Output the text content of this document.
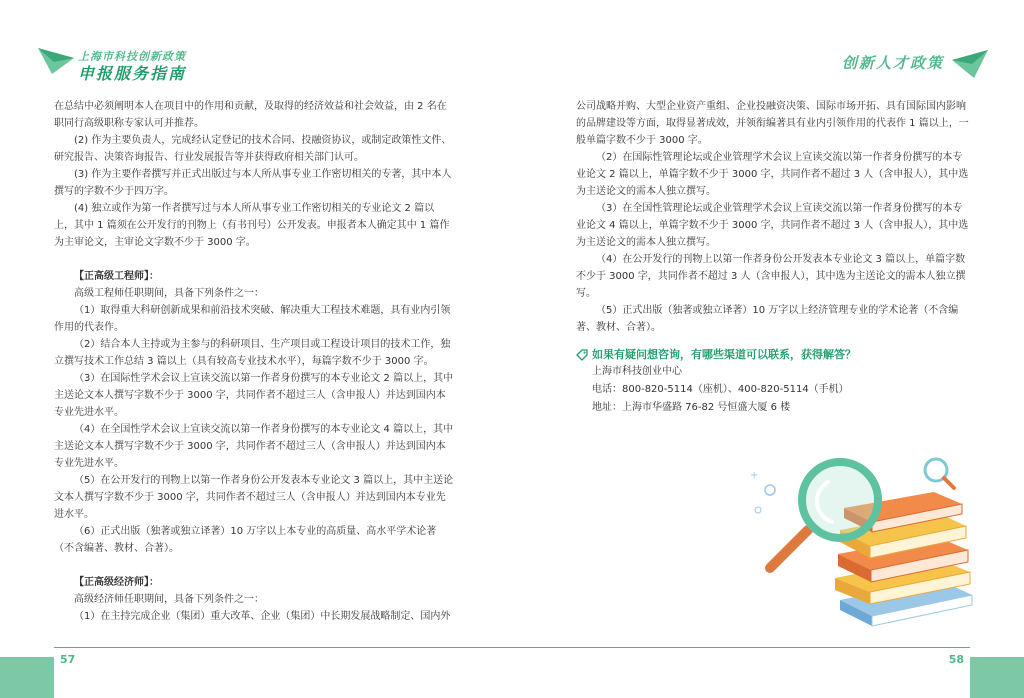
上海市科技创新政策
申报服务指南
创新人才政策

在总结中必须阐明本人在项目中的作用和贡献，及取得的经济效益和社会效益，由 2 名在职同行高级职称专家认可并推荐。

(2) 作为主要负责人，完成经认定登记的技术合同、投融资协议，或制定政策性文件、研究报告、决策咨询报告、行业发展报告等并获得政府相关部门认可。

(3) 作为主要作者撰写并正式出版过与本人所从事专业工作密切相关的专著，其中本人撰写的字数不少于四万字。

(4) 独立或作为第一作者撰写过与本人所从事专业工作密切相关的专业论文 2 篇以上，其中 1 篇须在公开发行的刊物上（有书刊号）公开发表。申报者本人确定其中 1 篇作为主审论文，主审论文字数不少于 3000 字。

【正高级工程师】：

高级工程师任职期间，具备下列条件之一：

（1）取得重大科研创新成果和前沿技术突破、解决重大工程技术难题，具有业内引领作用的代表作。

（2）结合本人主持或为主参与的科研项目、生产项目或工程设计项目的技术工作，独立撰写技术工作总结 3 篇以上（具有较高专业技术水平），每篇字数不少于 3000 字。

（3）在国际性学术会议上宣读交流以第一作者身份撰写的本专业论文 2 篇以上，其中主送论文本人撰写字数不少于 3000 字，共同作者不超过三人（含申报人）并达到国内本专业先进水平。

（4）在全国性学术会议上宣读交流以第一作者身份撰写的本专业论文 4 篇以上，其中主送论文本人撰写字数不少于 3000 字，共同作者不超过三人（含申报人）并达到国内本专业先进水平。

（5）在公开发行的刊物上以第一作者身份公开发表本专业论文 3 篇以上，其中主送论文本人撰写字数不少于 3000 字，共同作者不超过三人（含申报人）并达到国内本专业先进水平。

（6）正式出版（独著或独立译著）10 万字以上本专业的高质量、高水平学术论著（不含编著、教材、合著）。

【正高级经济师】：

高级经济师任职期间，具备下列条件之一：

（1）在主持完成企业（集团）重大改革、企业（集团）中长期发展战略制定、国内外

公司战略并购、大型企业资产重组、企业投融资决策、国际市场开拓、具有国际国内影响的品牌建设等方面，取得显著成效，并领衔编著具有业内引领作用的代表作 1 篇以上，一般单篇字数不少于 3000 字。

（2）在国际性管理论坛或企业管理学术会议上宣读交流以第一作者身份撰写的本专业论文 2 篇以上，单篇字数不少于 3000 字，共同作者不超过 3 人（含申报人），其中选为主送论文的需本人独立撰写。

（3）在全国性管理论坛或企业管理学术会议上宣读交流以第一作者身份撰写的本专业论文 4 篇以上，单篇字数不少于 3000 字，共同作者不超过 3 人（含申报人），其中选为主送论文的需本人独立撰写。

（4）在公开发行的刊物上以第一作者身份公开发表本专业论文 3 篇以上，单篇字数不少于 3000 字，共同作者不超过 3 人（含申报人），其中选为主送论文的需本人独立撰写。

（5）正式出版（独著或独立译著）10 万字以上经济管理专业的学术论著（不含编著、教材、合著）。

如果有疑问想咨询，有哪些渠道可以联系，获得解答？

上海市科技创业中心

电话：800-820-5114（座机）、400-820-5114（手机）

地址：上海市华盛路 76-82 号恒盛大厦 6 楼

+
57	58
